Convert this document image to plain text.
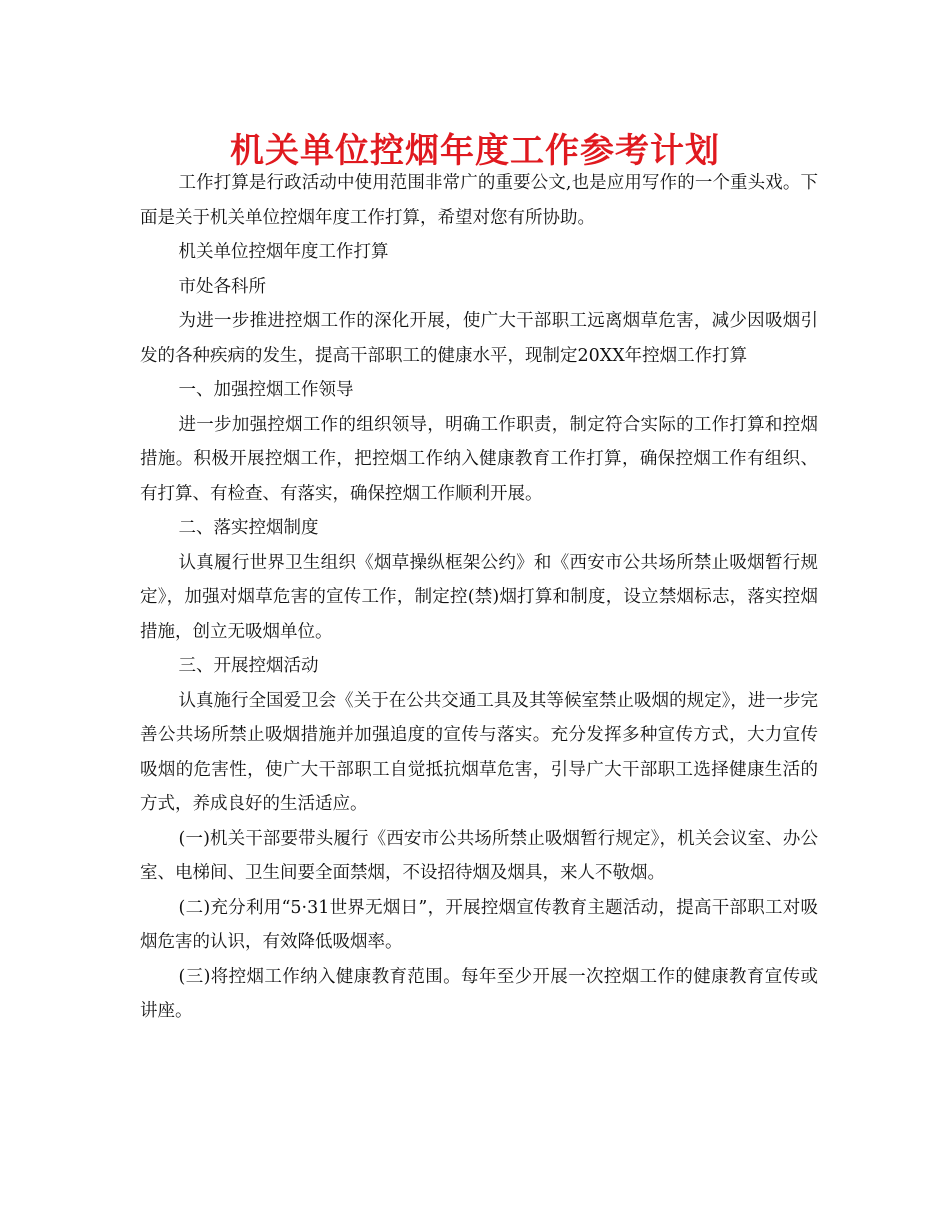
机关单位控烟年度工作参考计划

工作打算是行政活动中使用范围非常广的重要公文,也是应用写作的一个重头戏。下面是关于机关单位控烟年度工作打算，希望对您有所协助。

机关单位控烟年度工作打算

市处各科所

为进一步推进控烟工作的深化开展，使广大干部职工远离烟草危害，减少因吸烟引发的各种疾病的发生，提高干部职工的健康水平，现制定20XX年控烟工作打算

一、加强控烟工作领导

进一步加强控烟工作的组织领导，明确工作职责，制定符合实际的工作打算和控烟措施。积极开展控烟工作，把控烟工作纳入健康教育工作打算，确保控烟工作有组织、有打算、有检查、有落实，确保控烟工作顺利开展。

二、落实控烟制度

认真履行世界卫生组织《烟草操纵框架公约》和《西安市公共场所禁止吸烟暂行规定》，加强对烟草危害的宣传工作，制定控(禁)烟打算和制度，设立禁烟标志，落实控烟措施，创立无吸烟单位。

三、开展控烟活动

认真施行全国爱卫会《关于在公共交通工具及其等候室禁止吸烟的规定》，进一步完善公共场所禁止吸烟措施并加强追度的宣传与落实。充分发挥多种宣传方式，大力宣传吸烟的危害性，使广大干部职工自觉抵抗烟草危害，引导广大干部职工选择健康生活的方式，养成良好的生活适应。

(一)机关干部要带头履行《西安市公共场所禁止吸烟暂行规定》，机关会议室、办公室、电梯间、卫生间要全面禁烟，不设招待烟及烟具，来人不敬烟。

(二)充分利用“5·31世界无烟日”，开展控烟宣传教育主题活动，提高干部职工对吸烟危害的认识，有效降低吸烟率。

(三)将控烟工作纳入健康教育范围。每年至少开展一次控烟工作的健康教育宣传或讲座。
